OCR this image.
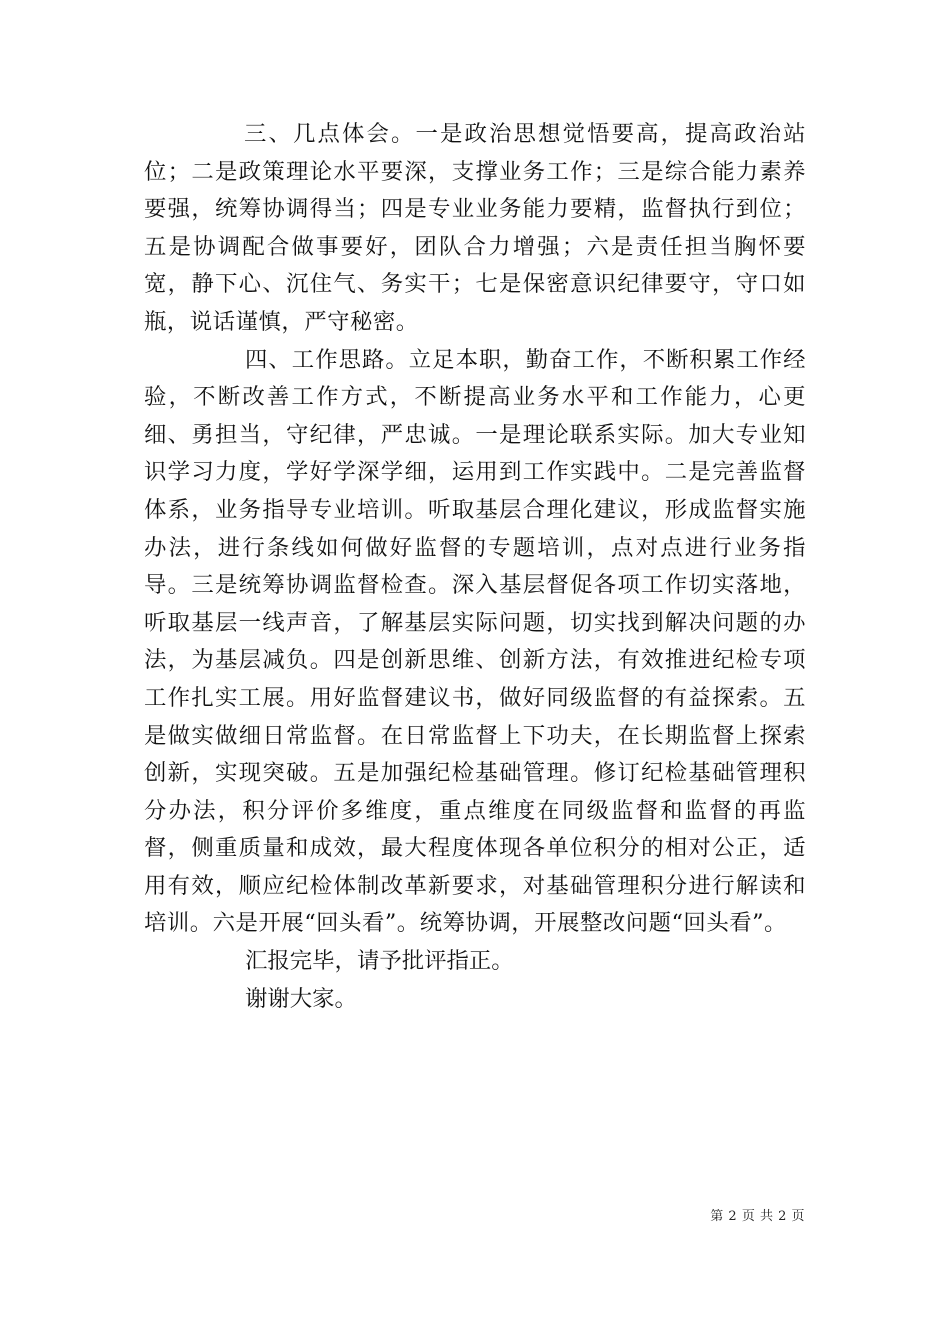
三、几点体会。一是政治思想觉悟要高，提高政治站位；二是政策理论水平要深，支撑业务工作；三是综合能力素养要强，统筹协调得当；四是专业业务能力要精，监督执行到位；五是协调配合做事要好，团队合力增强；六是责任担当胸怀要宽，静下心、沉住气、务实干；七是保密意识纪律要守，守口如瓶，说话谨慎，严守秘密。

四、工作思路。立足本职，勤奋工作，不断积累工作经验，不断改善工作方式，不断提高业务水平和工作能力，心更细、勇担当，守纪律，严忠诚。一是理论联系实际。加大专业知识学习力度，学好学深学细，运用到工作实践中。二是完善监督体系，业务指导专业培训。听取基层合理化建议，形成监督实施办法，进行条线如何做好监督的专题培训，点对点进行业务指导。三是统筹协调监督检查。深入基层督促各项工作切实落地，听取基层一线声音，了解基层实际问题，切实找到解决问题的办法，为基层减负。四是创新思维、创新方法，有效推进纪检专项工作扎实工展。用好监督建议书，做好同级监督的有益探索。五是做实做细日常监督。在日常监督上下功夫，在长期监督上探索创新，实现突破。五是加强纪检基础管理。修订纪检基础管理积分办法，积分评价多维度，重点维度在同级监督和监督的再监督，侧重质量和成效，最大程度体现各单位积分的相对公正，适用有效，顺应纪检体制改革新要求，对基础管理积分进行解读和培训。六是开展“回头看”。统筹协调，开展整改问题“回头看”。

汇报完毕，请予批评指正。

谢谢大家。

第 2 页 共 2 页
